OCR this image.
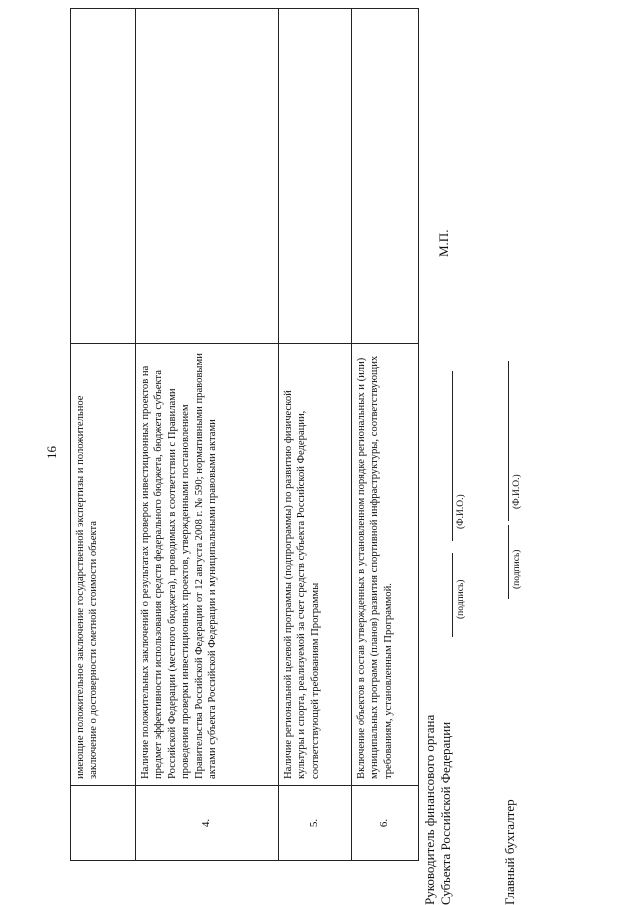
16
	имеющие положительное заключение государственной экспертизы и положительное заключение о достоверности сметной стоимости объекта	
4.	Наличие положительных заключений о результатах проверок инвестиционных проектов на предмет эффективности использования средств федерального бюджета, бюджета субъекта Российской Федерации (местного бюджета), проводимых в соответствии с Правилами проведения проверки инвестиционных проектов, утвержденными постановлением Правительства Российской Федерации от 12 августа 2008 г. № 590; нормативными правовыми актами субъекта Российской Федерации и муниципальными правовыми актами	
5.	Наличие региональной целевой программы (подпрограммы) по развитию физической культуры и спорта, реализуемой за счет средств субъекта Российской Федерации, соответствующей требованиям Программы	
6.	Включение объектов в состав утвержденных в установленном порядке региональных и (или) муниципальных программ (планов) развития спортивной инфраструктуры, соответствующих требованиям, установленным Программой.	
Руководитель финансового органа Субъекта Российской Федерации
(подпись)
(Ф.И.О.)
М.П.
Главный бухгалтер
(подпись)
(Ф.И.О.)
